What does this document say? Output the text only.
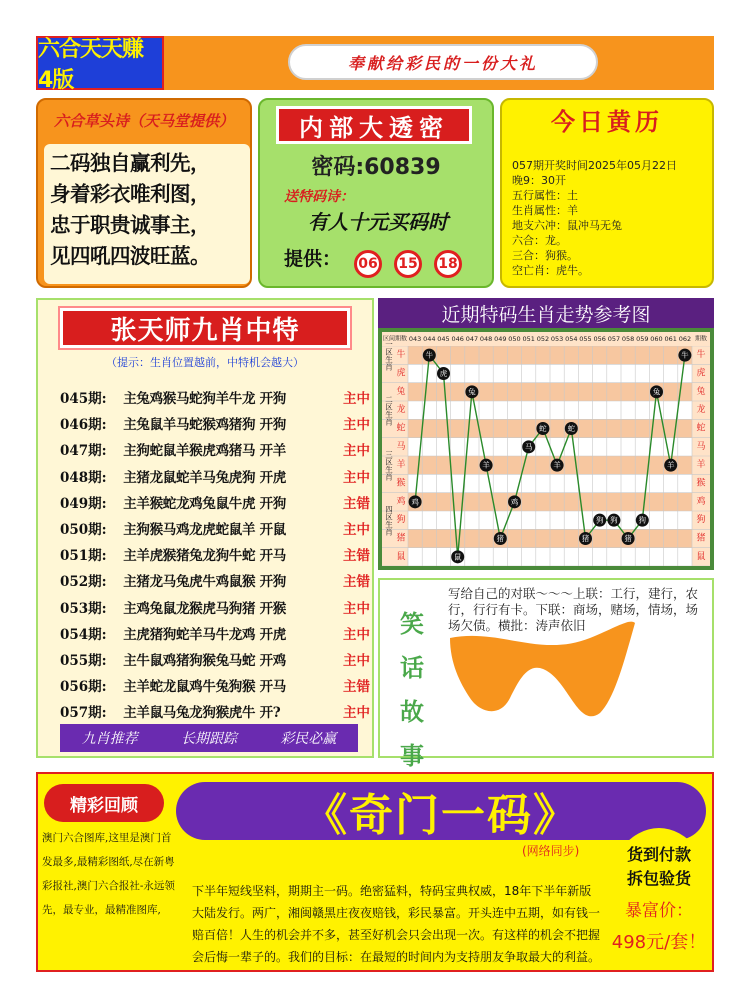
六合天天赚 4版
奉献给彩民的一份大礼
六合草头诗（天马堂提供）
二码独自赢利先，
身着彩衣唯利图，
忠于职贵诚事主，
见四吼四波旺蓝。
内部大透密
密码:60839
送特码诗：
有人十元买码时
提供：	06	15	18
今日黄历
057期开奖时间2025年05月22日
晚9：30开
五行属性：土
生肖属性：羊
地支六冲：鼠冲马无兔
六合：龙。
三合：狗猴。
空亡肖：虎牛。
张天师九肖中特
（提示：生肖位置越前，中特机会越大）
045期:	主兔鸡猴马蛇狗羊牛龙 开狗	主中
046期:	主兔鼠羊马蛇猴鸡猪狗 开狗	主中
047期:	主狗蛇鼠羊猴虎鸡猪马 开羊	主中
048期:	主猪龙鼠蛇羊马兔虎狗 开虎	主中
049期:	主羊猴蛇龙鸡兔鼠牛虎 开狗	主错
050期:	主狗猴马鸡龙虎蛇鼠羊 开鼠	主中
051期:	主羊虎猴猪兔龙狗牛蛇 开马	主错
052期:	主猪龙马兔虎牛鸡鼠猴 开狗	主错
053期:	主鸡兔鼠龙猴虎马狗猪 开猴	主中
054期:	主虎猪狗蛇羊马牛龙鸡 开虎	主中
055期:	主牛鼠鸡猪狗猴兔马蛇 开鸡	主中
056期:	主羊蛇龙鼠鸡牛兔狗猴 开马	主错
057期:	主羊鼠马兔龙狗猴虎牛 开?	主中
九肖推荐	长期跟踪	彩民必赢
近期特码生肖走势参考图
区间 期数	期数
043 044 045 046 047 048 049 050 051 052 053 054 055 056 057 058 059 060 061 062
牛	牛
虎	虎
兔	兔
龙	龙
蛇	蛇
马	马
羊	羊
猴	猴
鸡	鸡
狗	狗
猪	猪
鼠	鼠
一区生肖
二区生肖
三区生肖
四区生肖
鸡
牛
虎
鼠
兔
羊
猪
鸡
马
蛇
羊
蛇
猪
狗 狗
猪
狗
兔
羊
牛
笑
话
故
事
写给自己的对联～～～上联：工行，建行，农行，行行有卡。下联：商场，赌场，情场，场场欠债。横批：涛声依旧
精彩回顾
澳门六合图库,这里是澳门首发最多,最精彩图纸,尽在新粤彩报社,澳门六合报社-永远领先，最专业，最精准图库,
《奇门一码》
(网络同步)
下半年短线坚料，期期主一码。绝密猛料，特码宝典权威，18年下半年新版大陆发行。两广，湘闽赣黑庄夜夜赔钱，彩民暴富。开头连中五期，如有钱一赔百倍！人生的机会并不多，甚至好机会只会出现一次。有这样的机会不把握会后悔一辈子的。我们的目标：在最短的时间内为支持朋友争取最大的利益。
货到付款
拆包验货
暴富价：
498元/套！
